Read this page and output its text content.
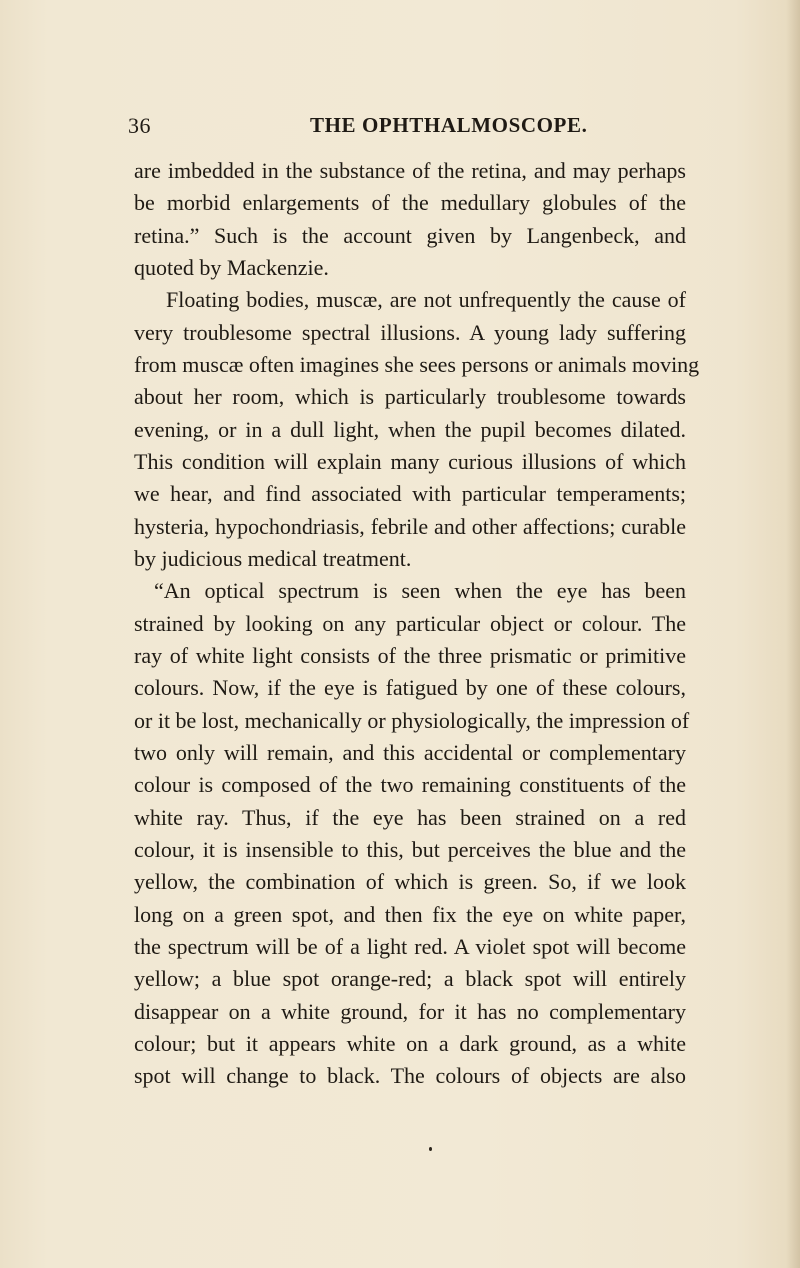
36	THE OPHTHALMOSCOPE.
are imbedded in the substance of the retina, and may perhaps
be morbid enlargements of the medullary globules of the
retina.” Such is the account given by Langenbeck, and
quoted by Mackenzie.
Floating bodies, muscæ, are not unfrequently the cause of
very troublesome spectral illusions. A young lady suffering
from muscæ often imagines she sees persons or animals moving
about her room, which is particularly troublesome towards
evening, or in a dull light, when the pupil becomes dilated.
This condition will explain many curious illusions of which
we hear, and find associated with particular temperaments;
hysteria, hypochondriasis, febrile and other affections; curable
by judicious medical treatment.
“An optical spectrum is seen when the eye has been
strained by looking on any particular object or colour. The
ray of white light consists of the three prismatic or primitive
colours. Now, if the eye is fatigued by one of these colours,
or it be lost, mechanically or physiologically, the impression of
two only will remain, and this accidental or complementary
colour is composed of the two remaining constituents of the
white ray. Thus, if the eye has been strained on a red
colour, it is insensible to this, but perceives the blue and the
yellow, the combination of which is green. So, if we look
long on a green spot, and then fix the eye on white paper,
the spectrum will be of a light red. A violet spot will become
yellow; a blue spot orange-red; a black spot will entirely
disappear on a white ground, for it has no complementary
colour; but it appears white on a dark ground, as a white
spot will change to black. The colours of objects are also
